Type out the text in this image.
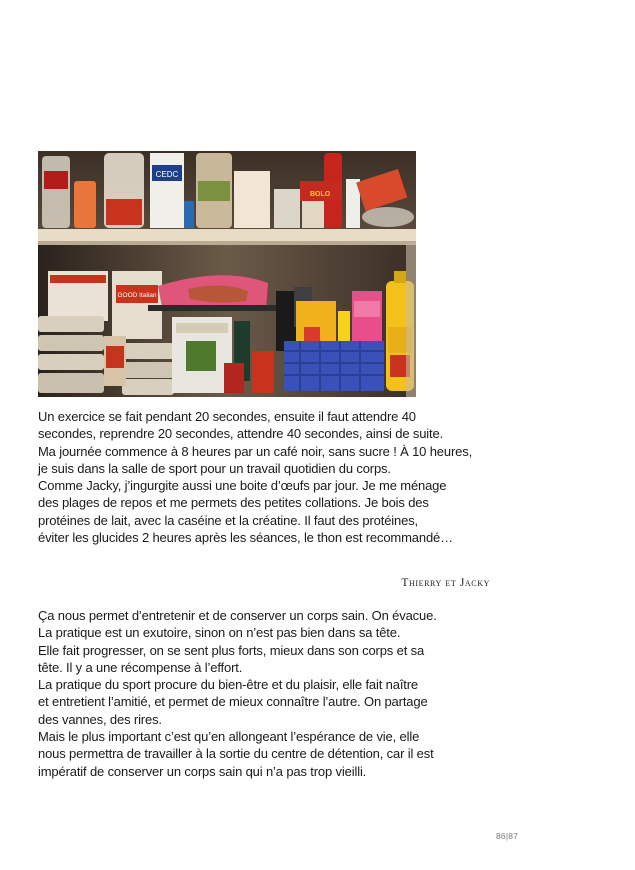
CEDC
BOLO
GOOD Italian

Un exercice se fait pendant 20 secondes, ensuite il faut attendre 40

secondes, reprendre 20 secondes, attendre 40 secondes, ainsi de suite.

Ma journée commence à 8 heures par un café noir, sans sucre ! À 10 heures,

je suis dans la salle de sport pour un travail quotidien du corps.

Comme Jacky, j’ingurgite aussi une boite d’œufs par jour. Je me ménage

des plages de repos et me permets des petites collations. Je bois des

protéines de lait, avec la caséine et la créatine. Il faut des protéines,

éviter les glucides 2 heures après les séances, le thon est recommandé…

Thierry et Jacky

Ça nous permet d’entretenir et de conserver un corps sain. On évacue.

La pratique est un exutoire, sinon on n’est pas bien dans sa tête.

Elle fait progresser, on se sent plus forts, mieux dans son corps et sa

tête. Il y a une récompense à l’effort.

La pratique du sport procure du bien-être et du plaisir, elle fait naître

et entretient l’amitié, et permet de mieux connaître l’autre. On partage

des vannes, des rires.

Mais le plus important c’est qu’en allongeant l’espérance de vie, elle

nous permettra de travailler à la sortie du centre de détention, car il est

impératif de conserver un corps sain qui n’a pas trop vieilli.

86|87
